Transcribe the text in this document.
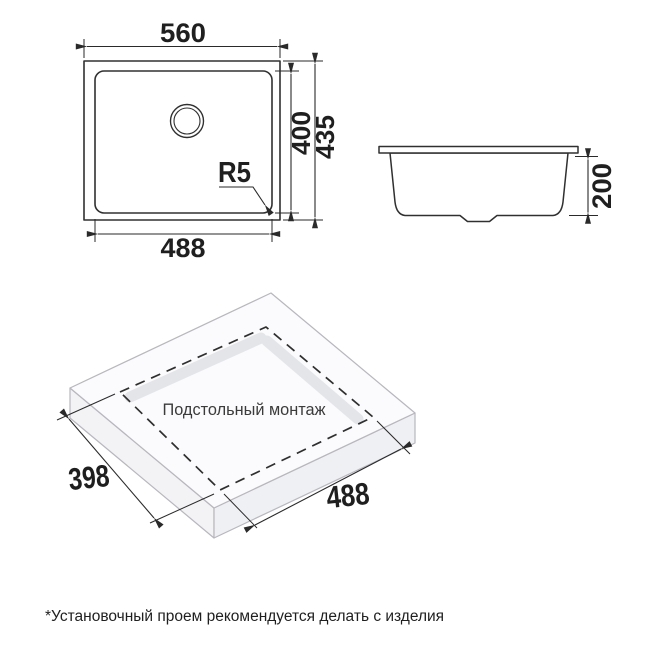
560
400
435
488
R5	200
Подстольный монтаж
398	488
*Установочный проем рекомендуется делать с изделия
